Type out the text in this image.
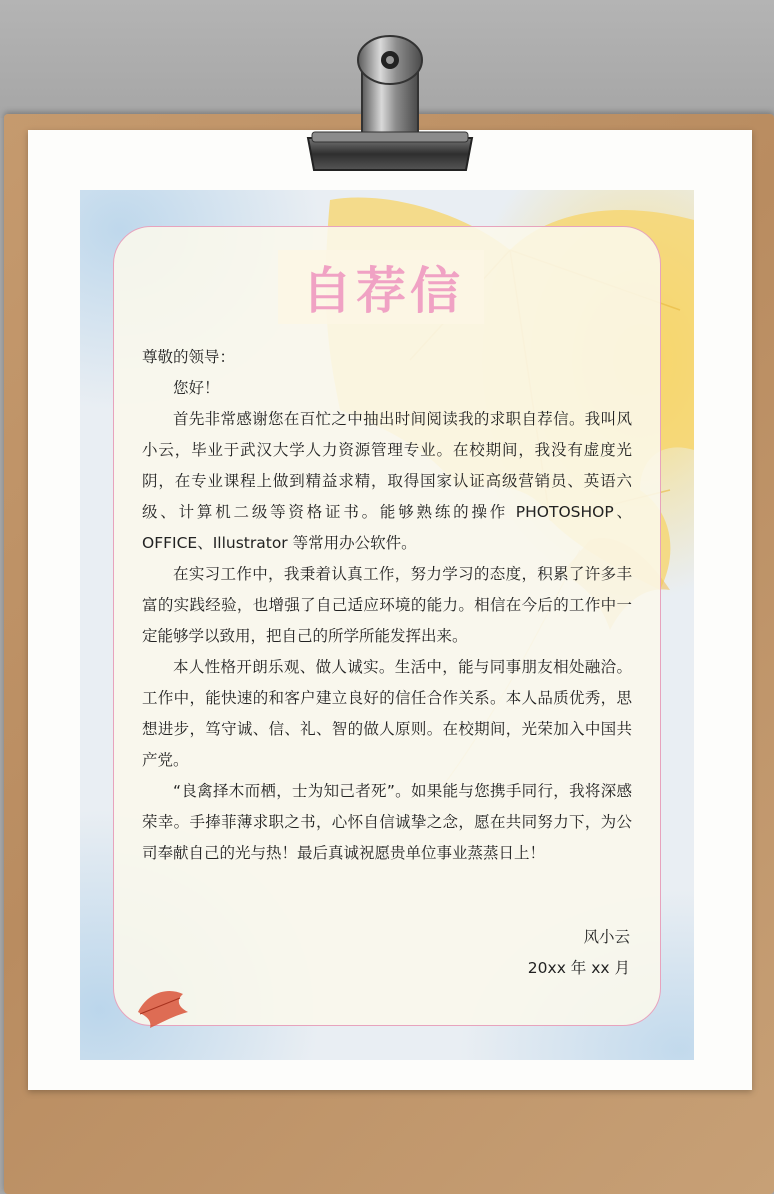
自荐信

尊敬的领导：

您好！

首先非常感谢您在百忙之中抽出时间阅读我的求职自荐信。我叫风小云，毕业于武汉大学人力资源管理专业。在校期间，我没有虚度光阴，在专业课程上做到精益求精，取得国家认证高级营销员、英语六级、计算机二级等资格证书。能够熟练的操作 PHOTOSHOP、OFFICE、Illustrator 等常用办公软件。

在实习工作中，我秉着认真工作，努力学习的态度，积累了许多丰富的实践经验，也增强了自己适应环境的能力。相信在今后的工作中一定能够学以致用，把自己的所学所能发挥出来。

本人性格开朗乐观、做人诚实。生活中，能与同事朋友相处融洽。工作中，能快速的和客户建立良好的信任合作关系。本人品质优秀，思想进步，笃守诚、信、礼、智的做人原则。在校期间，光荣加入中国共产党。

“良禽择木而栖，士为知己者死”。如果能与您携手同行，我将深感荣幸。手捧菲薄求职之书，心怀自信诚挚之念，愿在共同努力下，为公司奉献自己的光与热！最后真诚祝愿贵单位事业蒸蒸日上！

风小云
20xx 年 xx 月
